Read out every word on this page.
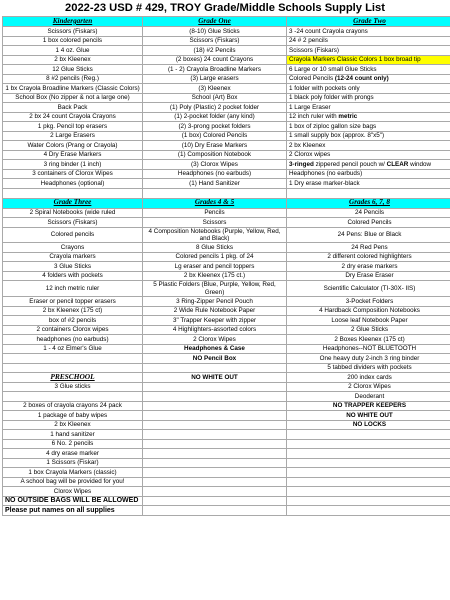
2022-23 USD # 429, TROY Grade/Middle Schools Supply List
Kindergarten	Grade One	Grade Two
Scissors (Fiskars)	(8-10) Glue Sticks	3 -24 count Crayola crayons
1 box colored pencils	Scissors (Fiskars)	24 # 2 pencils
1 4 oz. Glue	(18) #2 Pencils	Scissors (Fiskars)
2 bx Kleenex	(2 boxes) 24 count Crayons	Crayola Markers Classic Colors 1 box broad tip
12 Glue Sticks	(1 - 2) Crayola Broadline Markers	6 Large or 10 small Glue Sticks
8 #2 pencils (Reg.)	(3) Large erasers	Colored Pencils (12-24 count only)
1 bx Crayola Broadline Markers (Classic Colors)	(3) Kleenex	1 folder with pockets only
School Box (No zipper & not a large one)	School (Art) Box	1 black poly folder with prongs
Back Pack	(1) Poly (Plastic) 2 pocket folder	1 Large Eraser
2 bx 24 count Crayola Crayons	(1) 2-pocket folder (any kind)	12 inch ruler with metric
1 pkg. Pencil top erasers	(2) 3-prong pocket folders	1 box of ziploc gallon size bags
2 Large Erasers	(1 box) Colored Pencils	1 small supply box (approx. 8"x5")
Water Colors (Prang or Crayola)	(10) Dry Erase Markers	2 bx Kleenex
4 Dry Erase Markers	(1) Composition Notebook	2 Clorox wipes
3 ring binder (1 inch)	(3) Clorox Wipes	3-ringed zippered pencil pouch w/ CLEAR window
3 containers of Clorox Wipes	Headphones (no earbuds)	Headphones (no earbuds)
Headphones (optional)	(1) Hand Sanitizer	1 Dry erase marker-black

Grade Three	Grades 4 & 5	Grades 6, 7, 8
2 Spiral Notebooks (wide ruled	Pencils	24 Pencils
Scissors (Fiskars)	Scissors	Colored Pencils
Colored pencils	4 Composition Notebooks (Purple, Yellow, Red, and Black)	24 Pens: Blue or Black
Crayons	8 Glue Sticks	24 Red Pens
Crayola markers	Colored pencils 1 pkg. of 24	2 different colored highlighters
3 Glue Sticks	Lg eraser and pencil toppers	2 dry erase markers
4 folders with pockets	2 bx Kleenex (175 ct.)	Dry Erase Eraser
12 inch metric ruler	5 Plastic Folders (Blue, Purple, Yellow, Red, Green)	Scientific Calculator (TI-30X- IIS)
Eraser or pencil topper erasers	3 Ring-Zipper Pencil Pouch	3-Pocket Folders
2 bx Kleenex (175 ct)	2 Wide Rule Notebook Paper	4 Hardback Composition Notebooks
box of #2 pencils	3" Trapper Keeper with zipper	Loose leaf Notebook Paper
2 containers Clorox wipes	4 Highlighters-assorted colors	2 Glue Sticks
headphones (no earbuds)	2 Clorox Wipes	2 Boxes Kleenex (175 ct)
1 - 4 oz Elmer's Glue	Headphones & Case	Headphones--NOT BLUETOOTH
	NO Pencil Box	One heavy duty 2-inch 3 ring binder
		5 tabbed dividers with pockets
PRESCHOOL	NO WHITE OUT	200 index cards
3 Glue sticks		2 Clorox Wipes
		Deoderant
2 boxes of crayola crayons 24 pack		NO TRAPPER KEEPERS
1 package of baby wipes		NO WHITE OUT
2 bx Kleenex		NO LOCKS
1 hand sanitizer		
6 No. 2 pencils		
4 dry erase marker		
1 Scissors (Fiskar)		
1 box Crayola Markers (classic)		
A school bag will be provided for you!		
Clorox Wipes		
NO OUTSIDE BAGS WILL BE ALLOWED		
Please put names on all supplies		
